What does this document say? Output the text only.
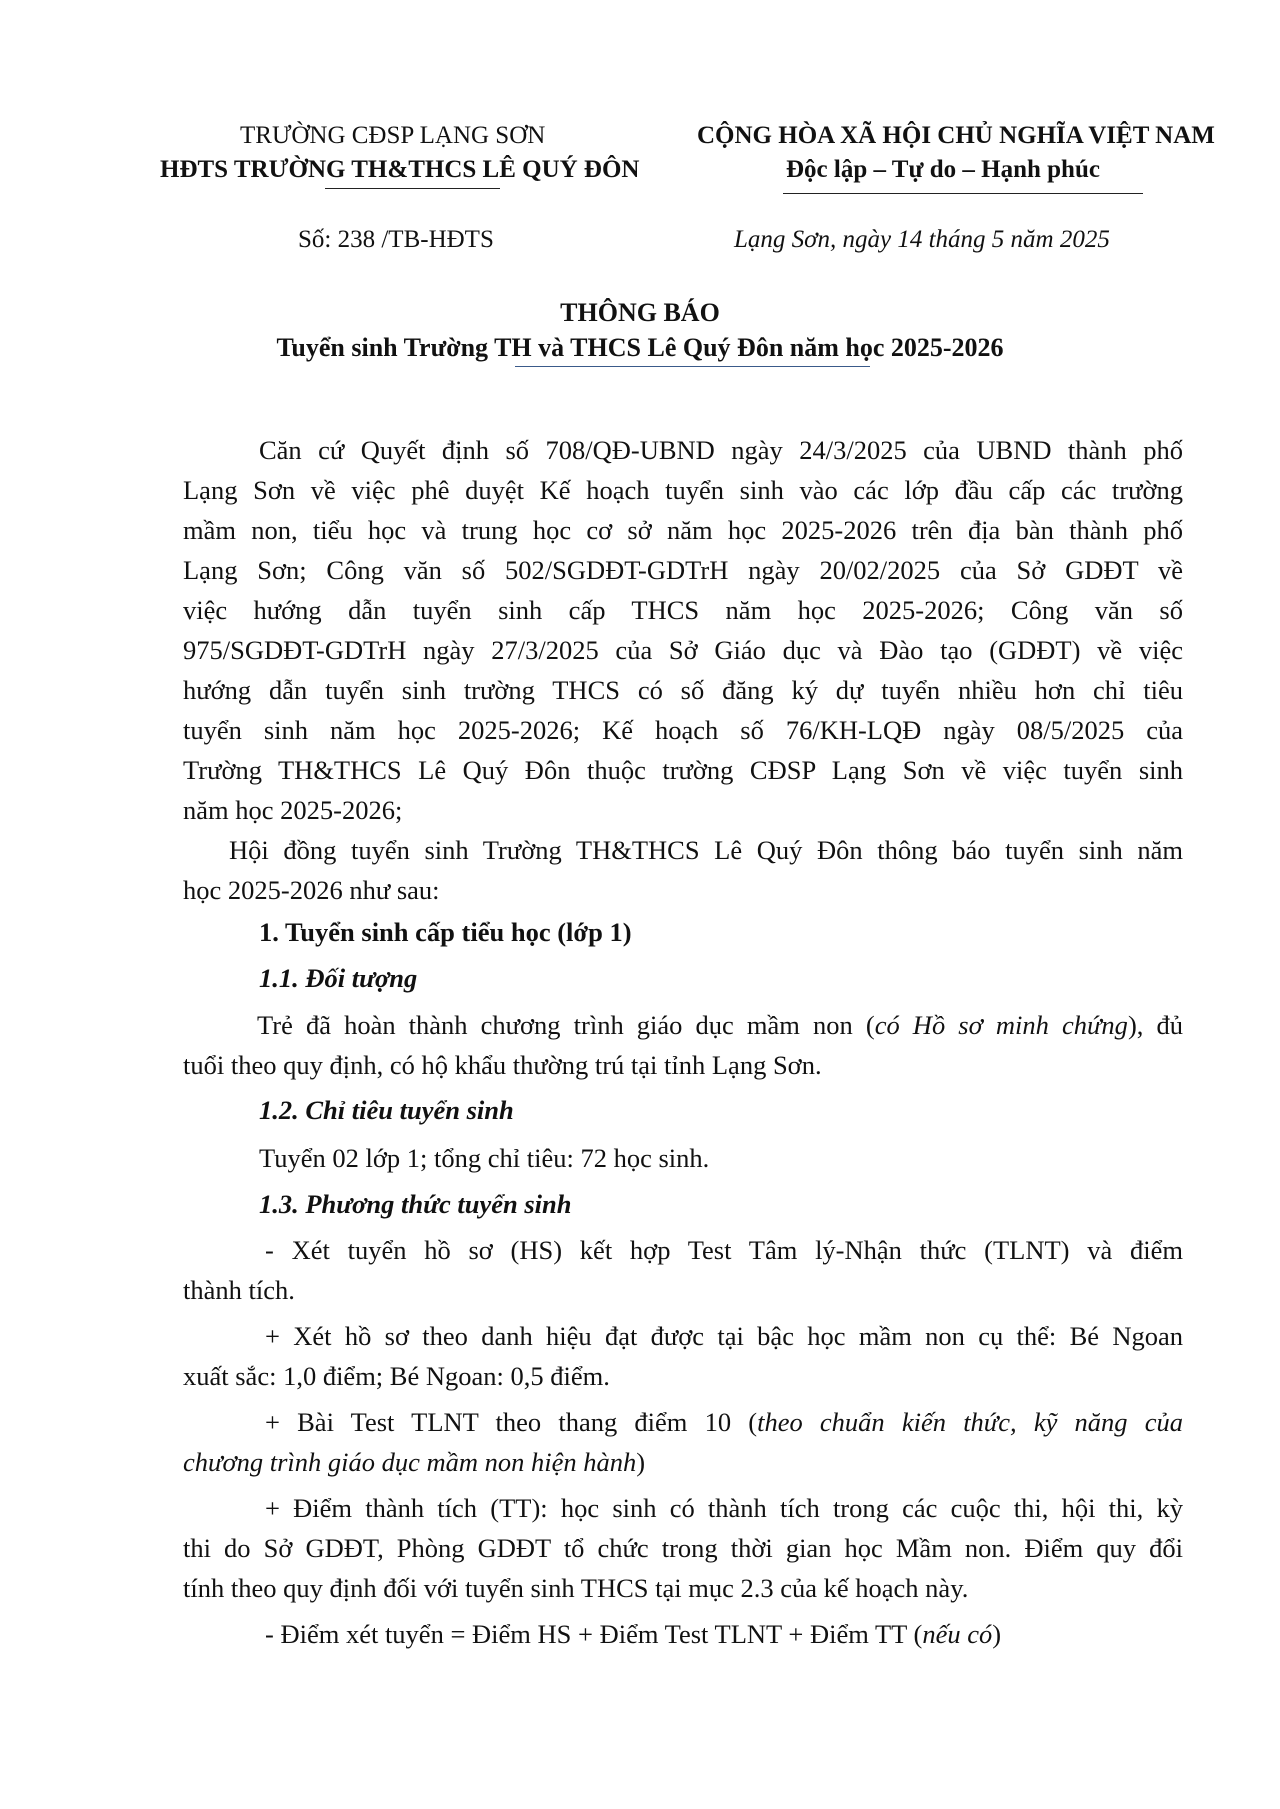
TRƯỜNG CĐSP LẠNG SƠN
HĐTS TRƯỜNG TH&THCS LÊ QUÝ ĐÔN
CỘNG HÒA XÃ HỘI CHỦ NGHĨA VIỆT NAM
Độc lập – Tự do – Hạnh phúc
Số: 238 /TB-HĐTS	Lạng Sơn, ngày 14 tháng 5 năm 2025
THÔNG BÁO
Tuyển sinh Trường TH và THCS Lê Quý Đôn năm học 2025-2026
Căn cứ Quyết định số 708/QĐ-UBND ngày 24/3/2025 của UBND thành phố
Lạng Sơn về việc phê duyệt Kế hoạch tuyển sinh vào các lớp đầu cấp các trường
mầm non, tiểu học và trung học cơ sở năm học 2025-2026 trên địa bàn thành phố
Lạng Sơn; Công văn số 502/SGDĐT-GDTrH ngày 20/02/2025 của Sở GDĐT về
việc hướng dẫn tuyển sinh cấp THCS năm học 2025-2026; Công văn số
975/SGDĐT-GDTrH ngày 27/3/2025 của Sở Giáo dục và Đào tạo (GDĐT) về việc
hướng dẫn tuyển sinh trường THCS có số đăng ký dự tuyển nhiều hơn chỉ tiêu
tuyển sinh năm học 2025-2026; Kế hoạch số 76/KH-LQĐ ngày 08/5/2025 của
Trường TH&THCS Lê Quý Đôn thuộc trường CĐSP Lạng Sơn về việc tuyển sinh
năm học 2025-2026;
Hội đồng tuyển sinh Trường TH&THCS Lê Quý Đôn thông báo tuyển sinh năm
học 2025-2026 như sau:
1. Tuyển sinh cấp tiểu học (lớp 1)
1.1. Đối tượng
Trẻ đã hoàn thành chương trình giáo dục mầm non (có Hồ sơ minh chứng), đủ
tuổi theo quy định, có hộ khẩu thường trú tại tỉnh Lạng Sơn.
1.2. Chỉ tiêu tuyển sinh
Tuyển 02 lớp 1; tổng chỉ tiêu: 72 học sinh.
1.3. Phương thức tuyển sinh
- Xét tuyển hồ sơ (HS) kết hợp Test Tâm lý-Nhận thức (TLNT) và điểm
thành tích.
+ Xét hồ sơ theo danh hiệu đạt được tại bậc học mầm non cụ thể: Bé Ngoan
xuất sắc: 1,0 điểm; Bé Ngoan: 0,5 điểm.
+ Bài Test TLNT theo thang điểm 10 (theo chuẩn kiến thức, kỹ năng của
chương trình giáo dục mầm non hiện hành)
+ Điểm thành tích (TT): học sinh có thành tích trong các cuộc thi, hội thi, kỳ
thi do Sở GDĐT, Phòng GDĐT tổ chức trong thời gian học Mầm non. Điểm quy đổi
tính theo quy định đối với tuyển sinh THCS tại mục 2.3 của kế hoạch này.
- Điểm xét tuyển = Điểm HS + Điểm Test TLNT + Điểm TT (nếu có)
